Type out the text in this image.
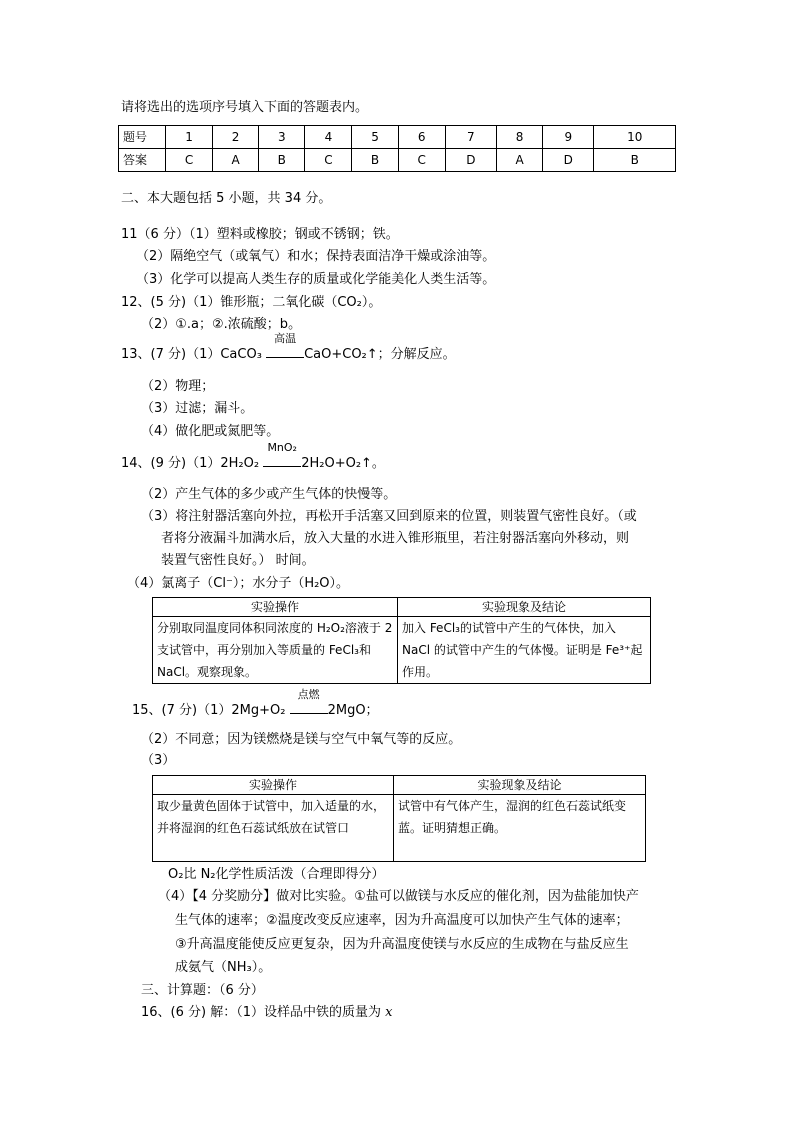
请将选出的选项序号填入下面的答题表内。
题号	1	2	3	4	5	6	7	8	9	10
答案	C	A	B	C	B	C	D	A	D	B
二、本大题包括 5 小题，共 34 分。
11（6 分）（1）塑料或橡胶；钢或不锈钢；铁。
（2）隔绝空气（或氧气）和水；保持表面洁净干燥或涂油等。
（3）化学可以提高人类生存的质量或化学能美化人类生活等。
12、(5 分)（1）锥形瓶；二氧化碳（CO₂）。
（2）①.a；②.浓硫酸；b。
13、(7 分)（1）CaCO₃
高温
CaO+CO₂↑；分解反应。
（2）物理；
（3）过滤；漏斗。
（4）做化肥或氮肥等。
14、(9 分)（1）2H₂O₂
MnO₂
2H₂O+O₂↑。
（2）产生气体的多少或产生气体的快慢等。
（3）将注射器活塞向外拉，再松开手活塞又回到原来的位置，则装置气密性良好。（或
者将分液漏斗加满水后，放入大量的水进入锥形瓶里，若注射器活塞向外移动，则
装置气密性良好。） 时间。
（4）氯离子（Cl⁻）；水分子（H₂O）。
实验操作	实验现象及结论
分别取同温度同体积同浓度的 H₂O₂溶液于 2 支试管中，再分别加入等质量的 FeCl₃和 NaCl。观察现象。	加入 FeCl₃的试管中产生的气体快，加入 NaCl 的试管中产生的气体慢。证明是 Fe³⁺起作用。
15、(7 分)（1）2Mg+O₂
点燃
2MgO；
（2）不同意；因为镁燃烧是镁与空气中氧气等的反应。
（3）
实验操作	实验现象及结论
取少量黄色固体于试管中，加入适量的水，并将湿润的红色石蕊试纸放在试管口	试管中有气体产生，湿润的红色石蕊试纸变蓝。证明猜想正确。
O₂比 N₂化学性质活泼（合理即得分）
（4）【4 分奖励分】做对比实验。①盐可以做镁与水反应的催化剂，因为盐能加快产
生气体的速率；②温度改变反应速率，因为升高温度可以加快产生气体的速率；
③升高温度能使反应更复杂，因为升高温度使镁与水反应的生成物在与盐反应生
成氨气（NH₃）。
三、计算题：（6 分）
16、(6 分) 解：（1）设样品中铁的质量为 x
